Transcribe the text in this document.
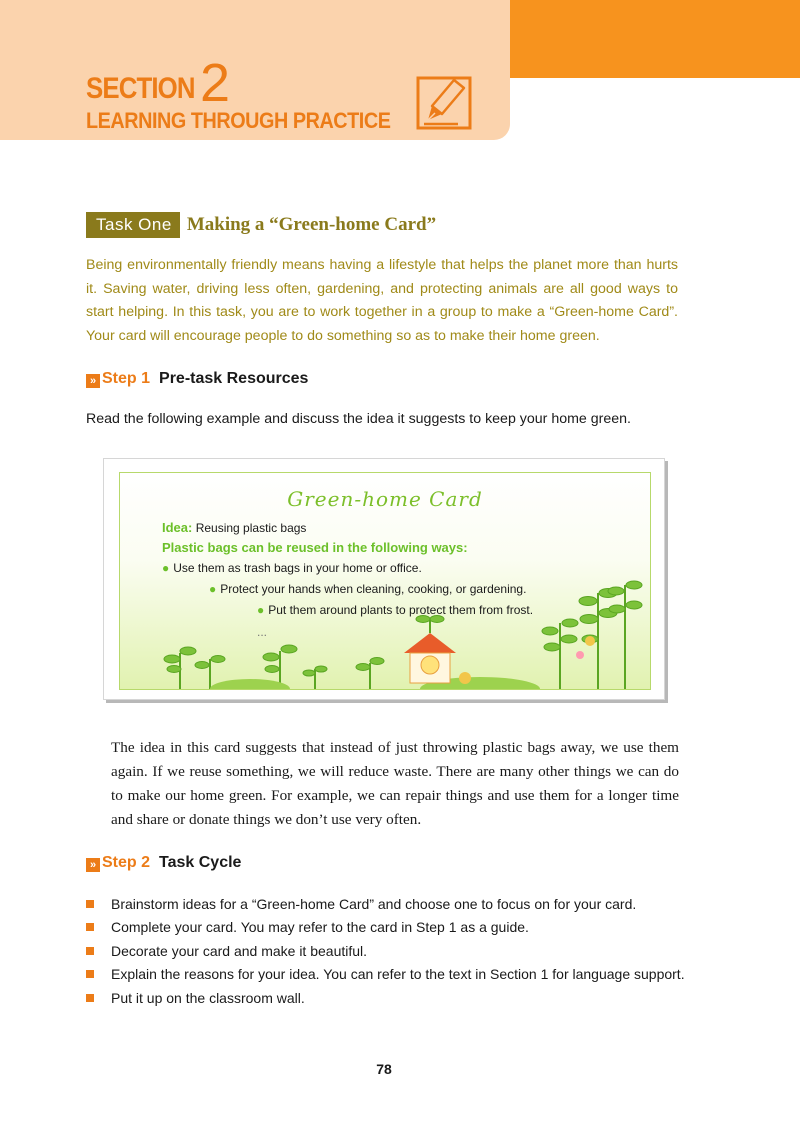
SECTION 2
LEARNING THROUGH PRACTICE
Task One Making a “Green-home Card”

Being environmentally friendly means having a lifestyle that helps the planet more than hurts it. Saving water, driving less often, gardening, and protecting animals are all good ways to start helping. In this task, you are to work together in a group to make a “Green-home Card”. Your card will encourage people to do something so as to make their home green.

» Step 1 Pre-task Resources

Read the following example and discuss the idea it suggests to keep your home green.

Green-home Card
Idea: Reusing plastic bags
Plastic bags can be reused in the following ways:
● Use them as trash bags in your home or office.
● Protect your hands when cleaning, cooking, or gardening.
● Put them around plants to protect them from frost.
...

The idea in this card suggests that instead of just throwing plastic bags away, we use them again. If we reuse something, we will reduce waste. There are many other things we can do to make our home green. For example, we can repair things and use them for a longer time and share or donate things we don’t use very often.

» Step 2 Task Cycle
Brainstorm ideas for a “Green-home Card” and choose one to focus on for your card.
Complete your card. You may refer to the card in Step 1 as a guide.
Decorate your card and make it beautiful.
Explain the reasons for your idea. You can refer to the text in Section 1 for language support.
Put it up on the classroom wall.
78
